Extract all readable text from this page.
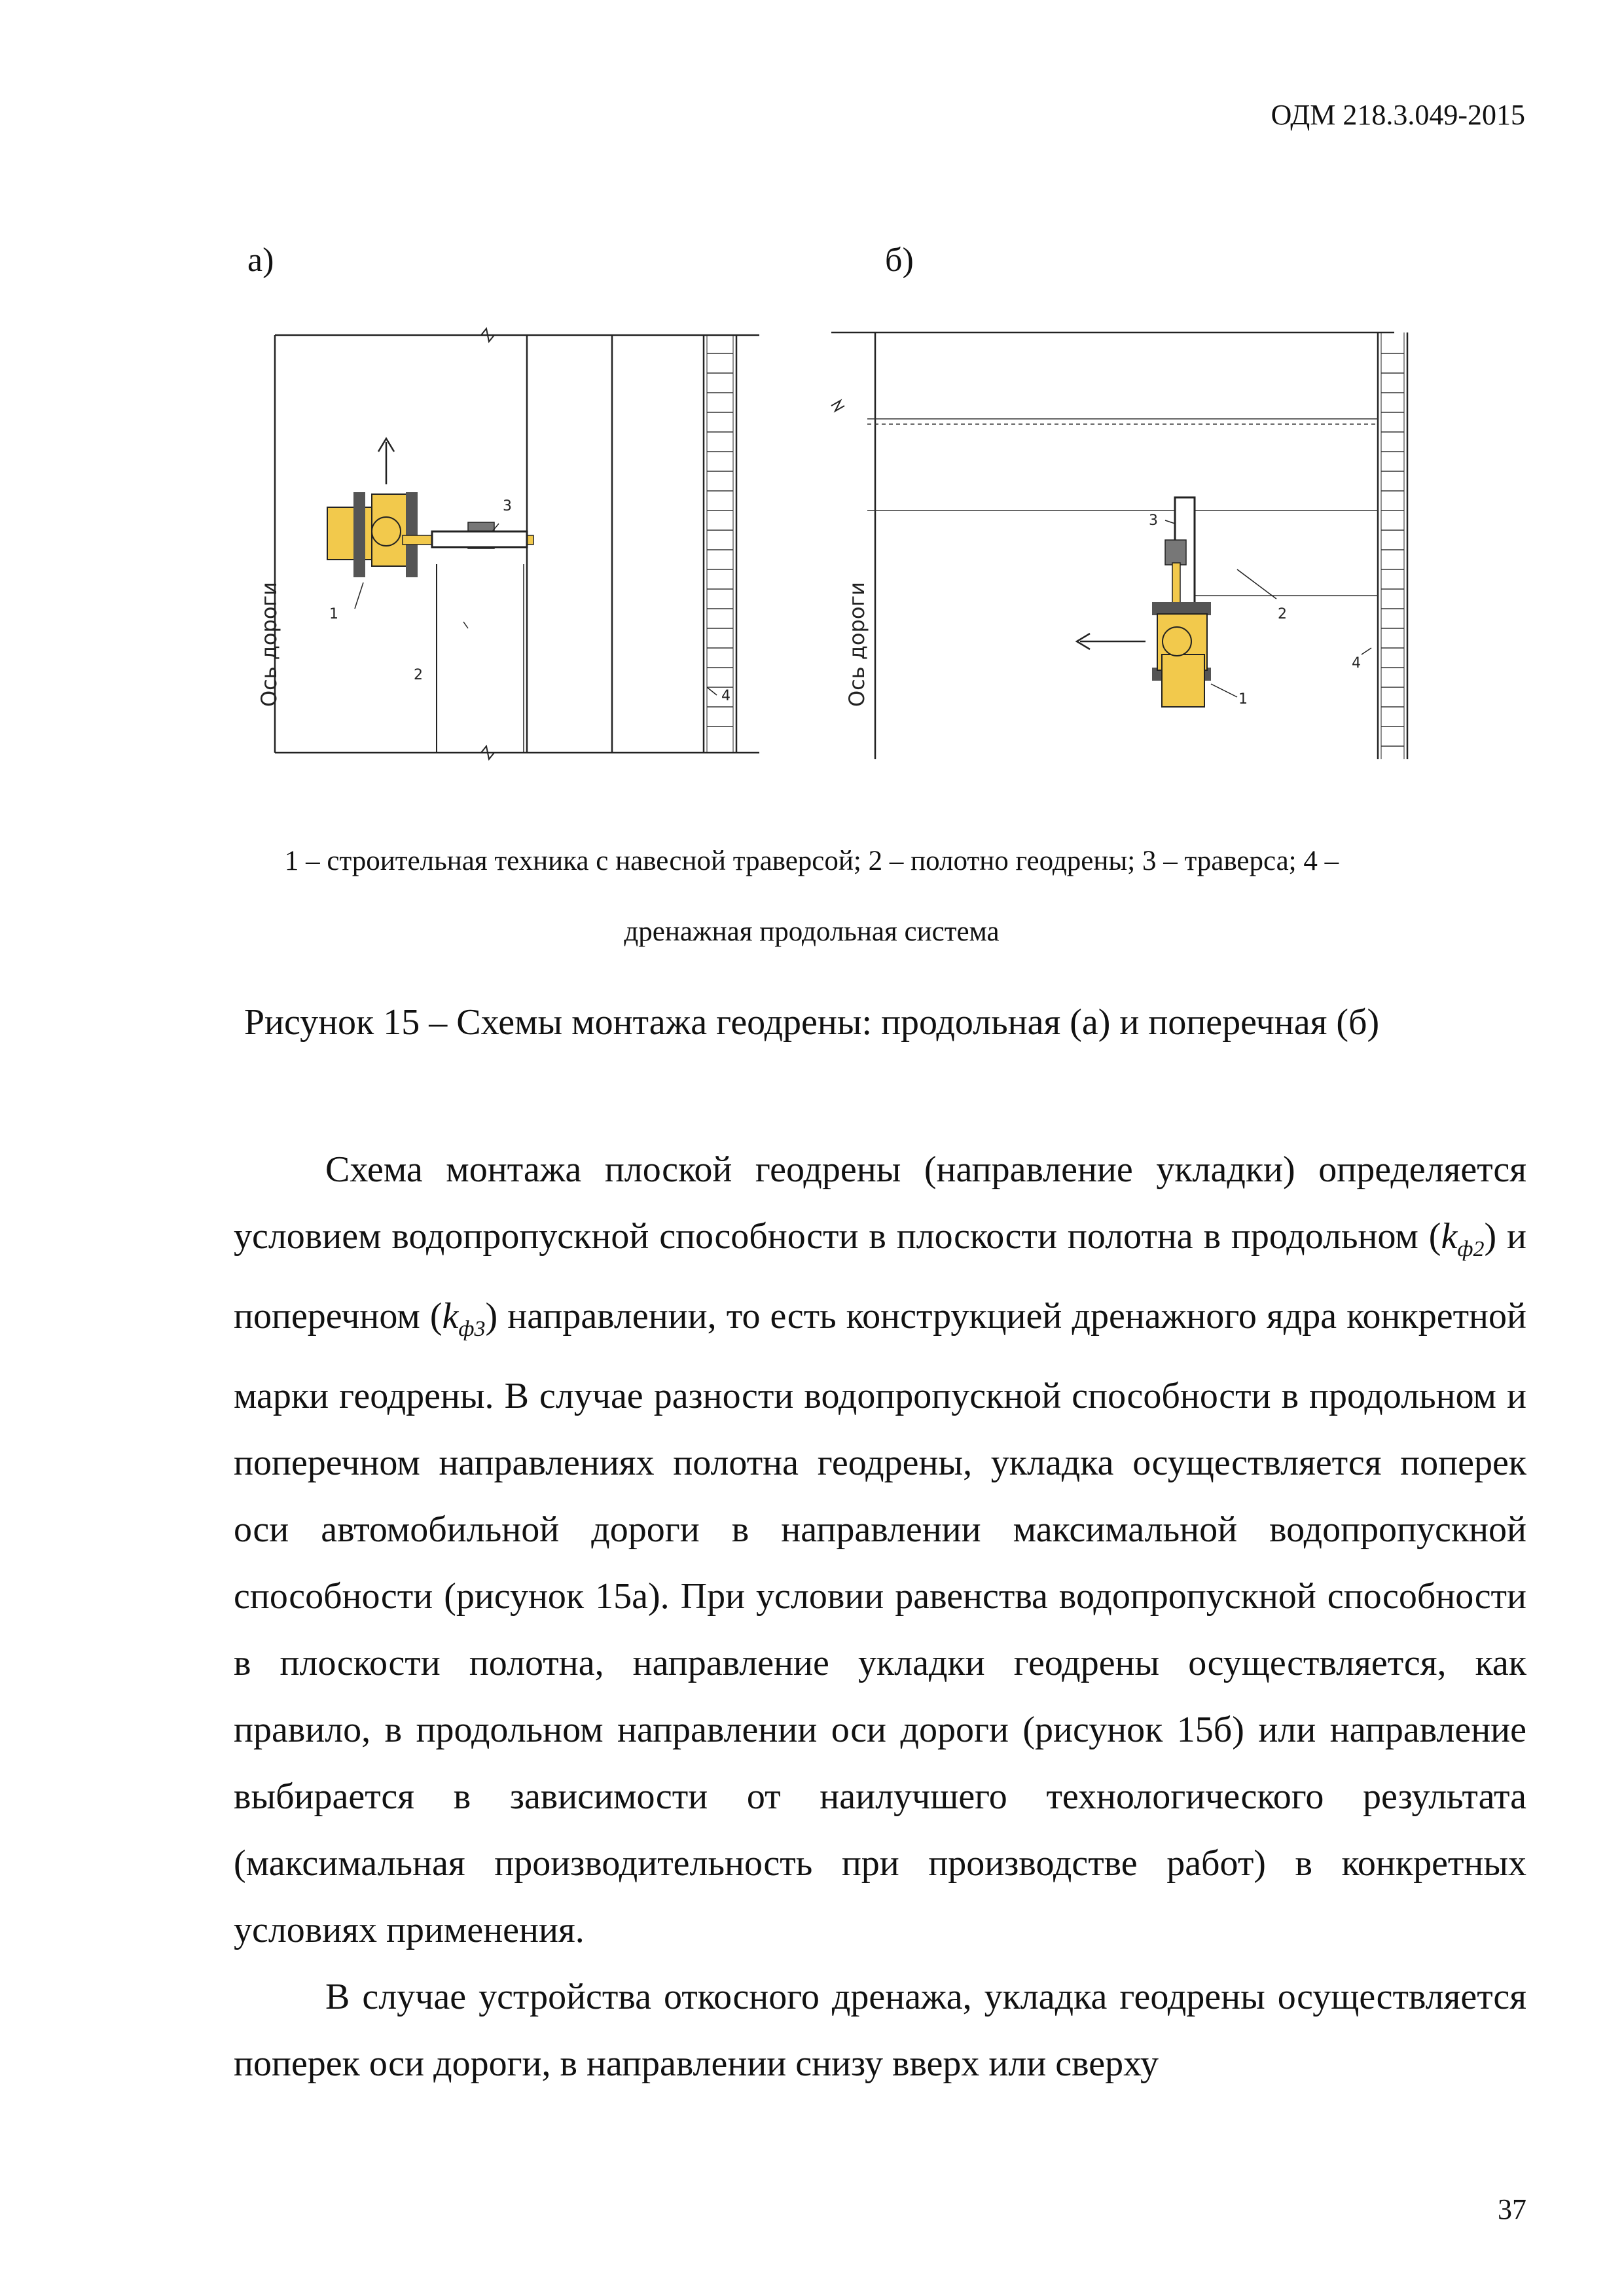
ОДМ 218.3.049-2015
а)	б)
3
1
2
4
Ось дороги
3
2
1
4
Ось дороги
1 – строительная техника с навесной траверсой; 2 – полотно геодрены; 3 – траверса; 4 –
дренажная продольная система
Рисунок 15 – Схемы монтажа геодрены: продольная (а) и поперечная (б)

Схема монтажа плоской геодрены (направление укладки) определяется условием водопропускной способности в плоскости полотна в продольном $(k_{ф2})$ и поперечном $(k_{ф3})$ направлении, то есть конструкцией дренажного ядра конкретной марки геодрены. В случае разности водопропускной способности в продольном и поперечном направлениях полотна геодрены, укладка осуществляется поперек оси автомобильной дороги в направлении максимальной водопропускной способности (рисунок 15а). При условии равенства водопропускной способности в плоскости полотна, направление укладки геодрены осуществляется, как правило, в продольном направлении оси дороги (рисунок 15б) или направление выбирается в зависимости от наилучшего технологического результата (максимальная производительность при производстве работ) в конкретных условиях применения.

В случае устройства откосного дренажа, укладка геодрены осуществляется поперек оси дороги, в направлении снизу вверх или сверху

37
